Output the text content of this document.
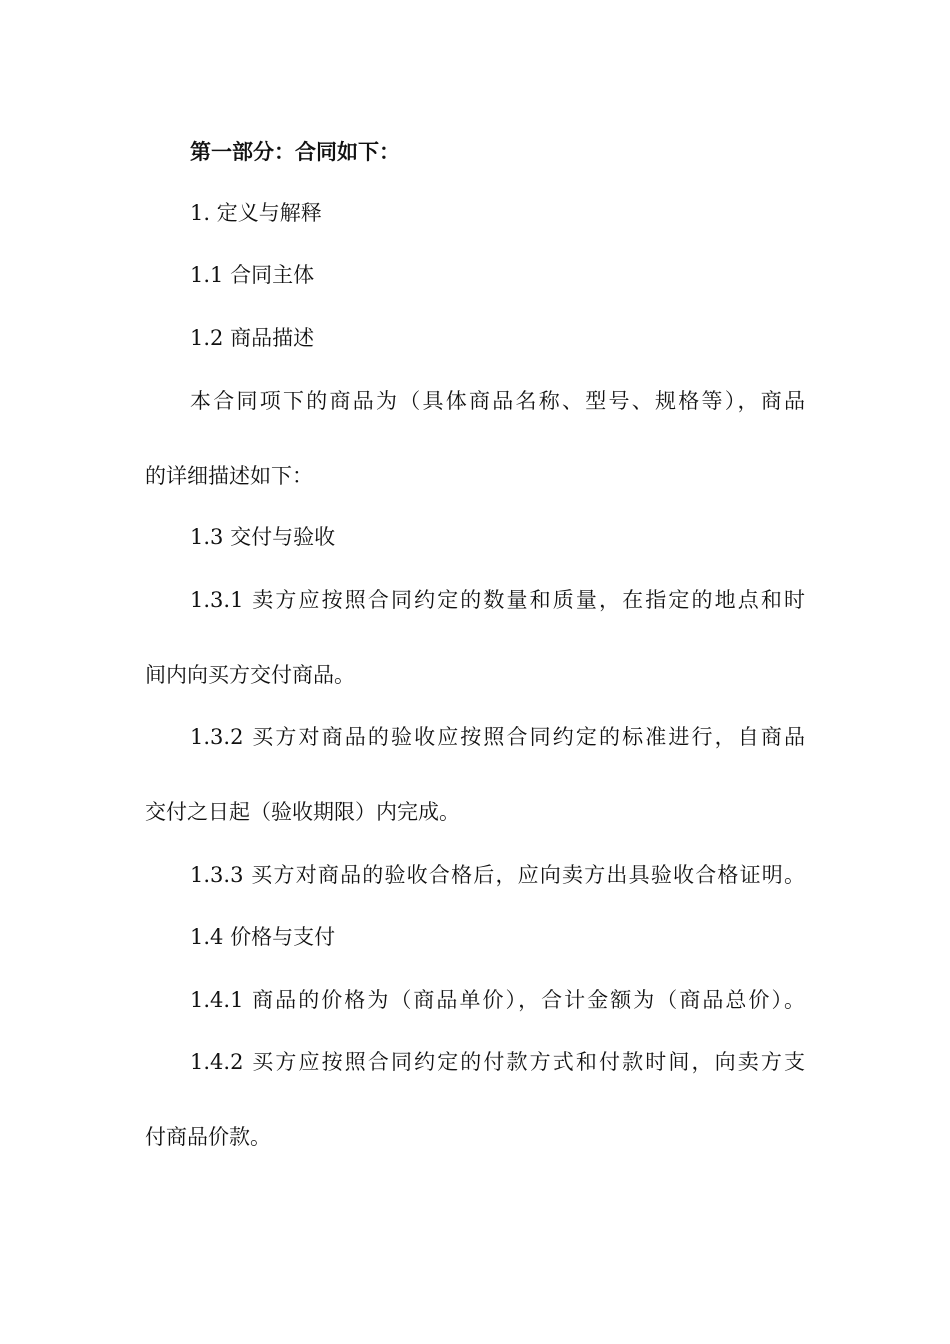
第一部分：合同如下：
1. 定义与解释
1.1 合同主体
1.2 商品描述
本合同项下的商品为（具体商品名称、型号、规格等），商品
的详细描述如下：
1.3 交付与验收
1.3.1 卖方应按照合同约定的数量和质量，在指定的地点和时
间内向买方交付商品。
1.3.2 买方对商品的验收应按照合同约定的标准进行，自商品
交付之日起（验收期限）内完成。
1.3.3 买方对商品的验收合格后，应向卖方出具验收合格证明。
1.4 价格与支付
1.4.1 商品的价格为（商品单价），合计金额为（商品总价）。
1.4.2 买方应按照合同约定的付款方式和付款时间，向卖方支
付商品价款。
